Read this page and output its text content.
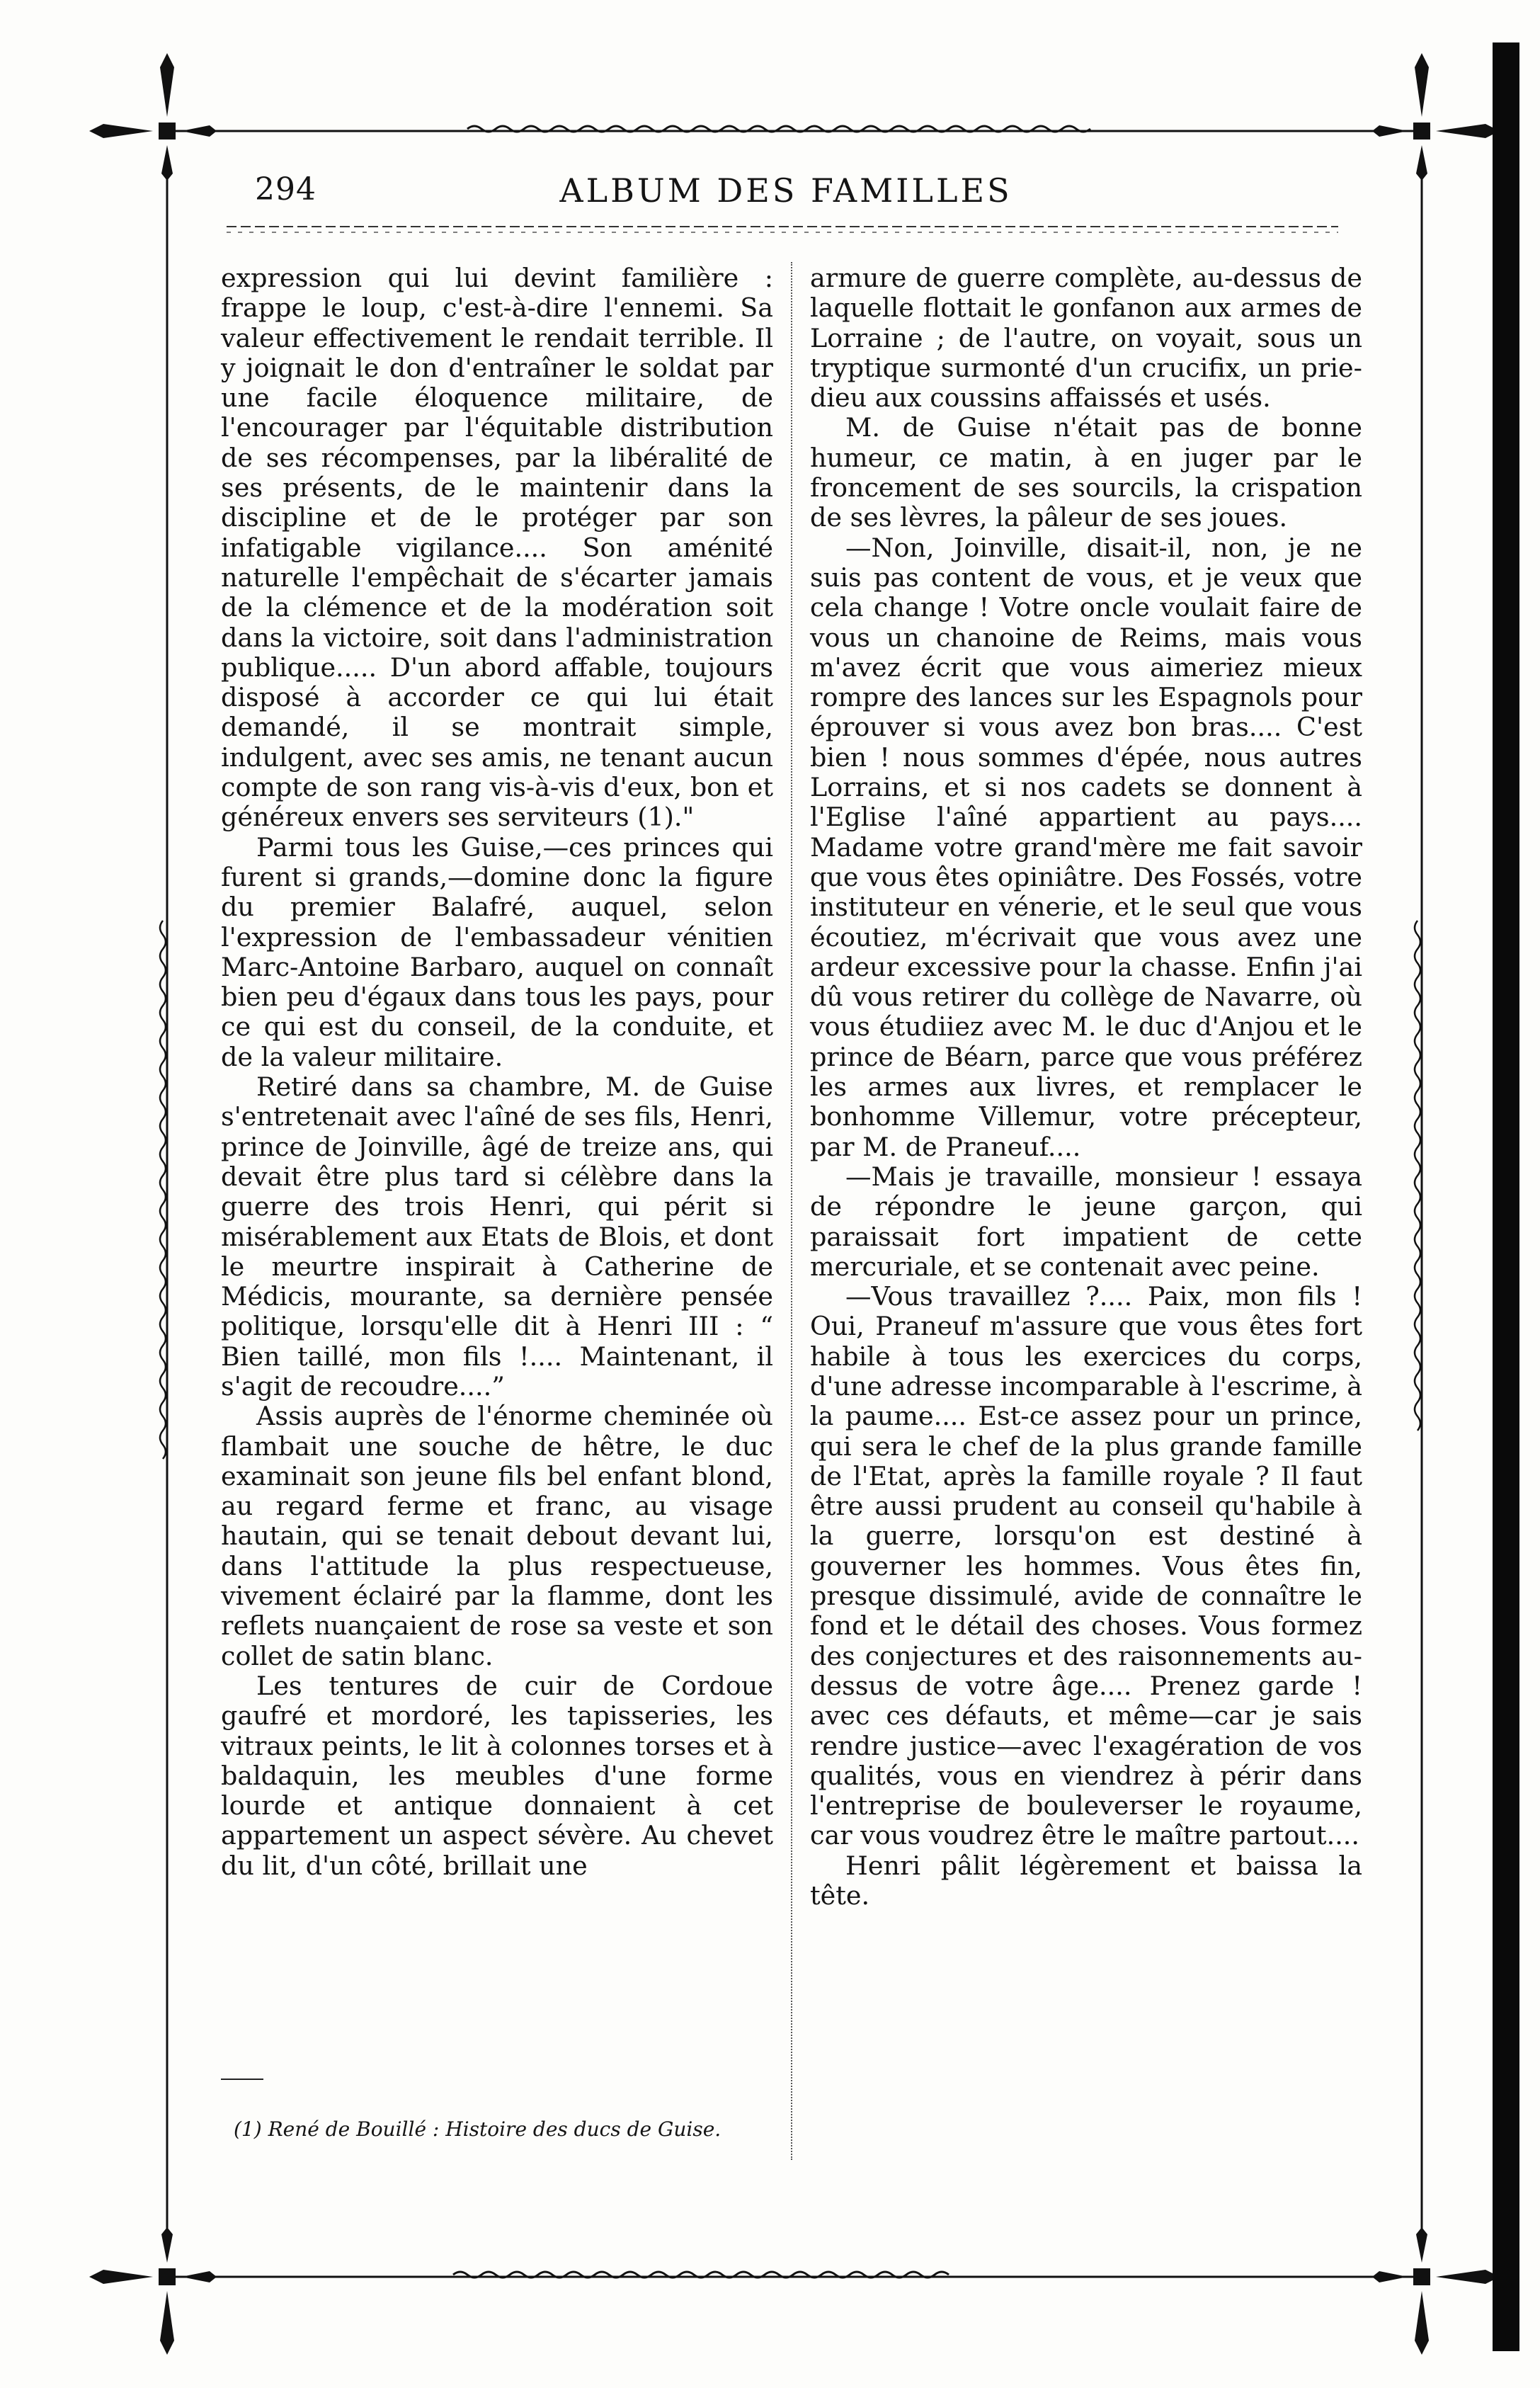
294	ALBUM DES FAMILLES

expression qui lui devint familière : frappe le loup, c'est-à-dire l'ennemi. Sa valeur effectivement le rendait terrible. Il y joignait le don d'entraîner le soldat par une facile éloquence militaire, de l'encourager par l'équitable distribution de ses récompenses, par la libéralité de ses présents, de le maintenir dans la discipline et de le protéger par son infatigable vigilance.... Son aménité naturelle l'empêchait de s'écarter jamais de la clémence et de la modération soit dans la victoire, soit dans l'administration publique..... D'un abord affable, toujours disposé à accorder ce qui lui était demandé, il se montrait simple, indulgent, avec ses amis, ne tenant aucun compte de son rang vis-à-vis d'eux, bon et généreux envers ses serviteurs (1)."

Parmi tous les Guise,—ces princes qui furent si grands,—domine donc la figure du premier Balafré, auquel, selon l'expression de l'embassadeur vénitien Marc-Antoine Barbaro, auquel on connaît bien peu d'égaux dans tous les pays, pour ce qui est du conseil, de la conduite, et de la valeur militaire.

Retiré dans sa chambre, M. de Guise s'entretenait avec l'aîné de ses fils, Henri, prince de Joinville, âgé de treize ans, qui devait être plus tard si célèbre dans la guerre des trois Henri, qui périt si misérablement aux Etats de Blois, et dont le meurtre inspirait à Catherine de Médicis, mourante, sa dernière pensée politique, lorsqu'elle dit à Henri III : “ Bien taillé, mon fils !.... Maintenant, il s'agit de recoudre....”

Assis auprès de l'énorme cheminée où flambait une souche de hêtre, le duc examinait son jeune fils bel enfant blond, au regard ferme et franc, au visage hautain, qui se tenait debout devant lui, dans l'attitude la plus respectueuse, vivement éclairé par la flamme, dont les reflets nuançaient de rose sa veste et son collet de satin blanc.

Les tentures de cuir de Cordoue gaufré et mordoré, les tapisseries, les vitraux peints, le lit à colonnes torses et à baldaquin, les meubles d'une forme lourde et antique donnaient à cet appartement un aspect sévère. Au chevet du lit, d'un côté, brillait une

armure de guerre complète, au-dessus de laquelle flottait le gonfanon aux armes de Lorraine ; de l'autre, on voyait, sous un tryptique surmonté d'un crucifix, un prie-dieu aux coussins affaissés et usés.

M. de Guise n'était pas de bonne humeur, ce matin, à en juger par le froncement de ses sourcils, la crispation de ses lèvres, la pâleur de ses joues.

—Non, Joinville, disait-il, non, je ne suis pas content de vous, et je veux que cela change ! Votre oncle voulait faire de vous un chanoine de Reims, mais vous m'avez écrit que vous aimeriez mieux rompre des lances sur les Espagnols pour éprouver si vous avez bon bras.... C'est bien ! nous sommes d'épée, nous autres Lorrains, et si nos cadets se donnent à l'Eglise l'aîné appartient au pays.... Madame votre grand'mère me fait savoir que vous êtes opiniâtre. Des Fossés, votre instituteur en vénerie, et le seul que vous écoutiez, m'écrivait que vous avez une ardeur excessive pour la chasse. Enfin j'ai dû vous retirer du collège de Navarre, où vous étudiiez avec M. le duc d'Anjou et le prince de Béarn, parce que vous préférez les armes aux livres, et remplacer le bonhomme Villemur, votre précepteur, par M. de Praneuf....

—Mais je travaille, monsieur ! essaya de répondre le jeune garçon, qui paraissait fort impatient de cette mercuriale, et se contenait avec peine.

—Vous travaillez ?.... Paix, mon fils ! Oui, Praneuf m'assure que vous êtes fort habile à tous les exercices du corps, d'une adresse incomparable à l'escrime, à la paume.... Est-ce assez pour un prince, qui sera le chef de la plus grande famille de l'Etat, après la famille royale ? Il faut être aussi prudent au conseil qu'habile à la guerre, lorsqu'on est destiné à gouverner les hommes. Vous êtes fin, presque dissimulé, avide de connaître le fond et le détail des choses. Vous formez des conjectures et des raisonnements au-dessus de votre âge.... Prenez garde ! avec ces défauts, et même—car je sais rendre justice—avec l'exagération de vos qualités, vous en viendrez à périr dans l'entreprise de bouleverser le royaume, car vous voudrez être le maître partout....

Henri pâlit légèrement et baissa la tête.

(1) René de Bouillé : Histoire des ducs de Guise.
